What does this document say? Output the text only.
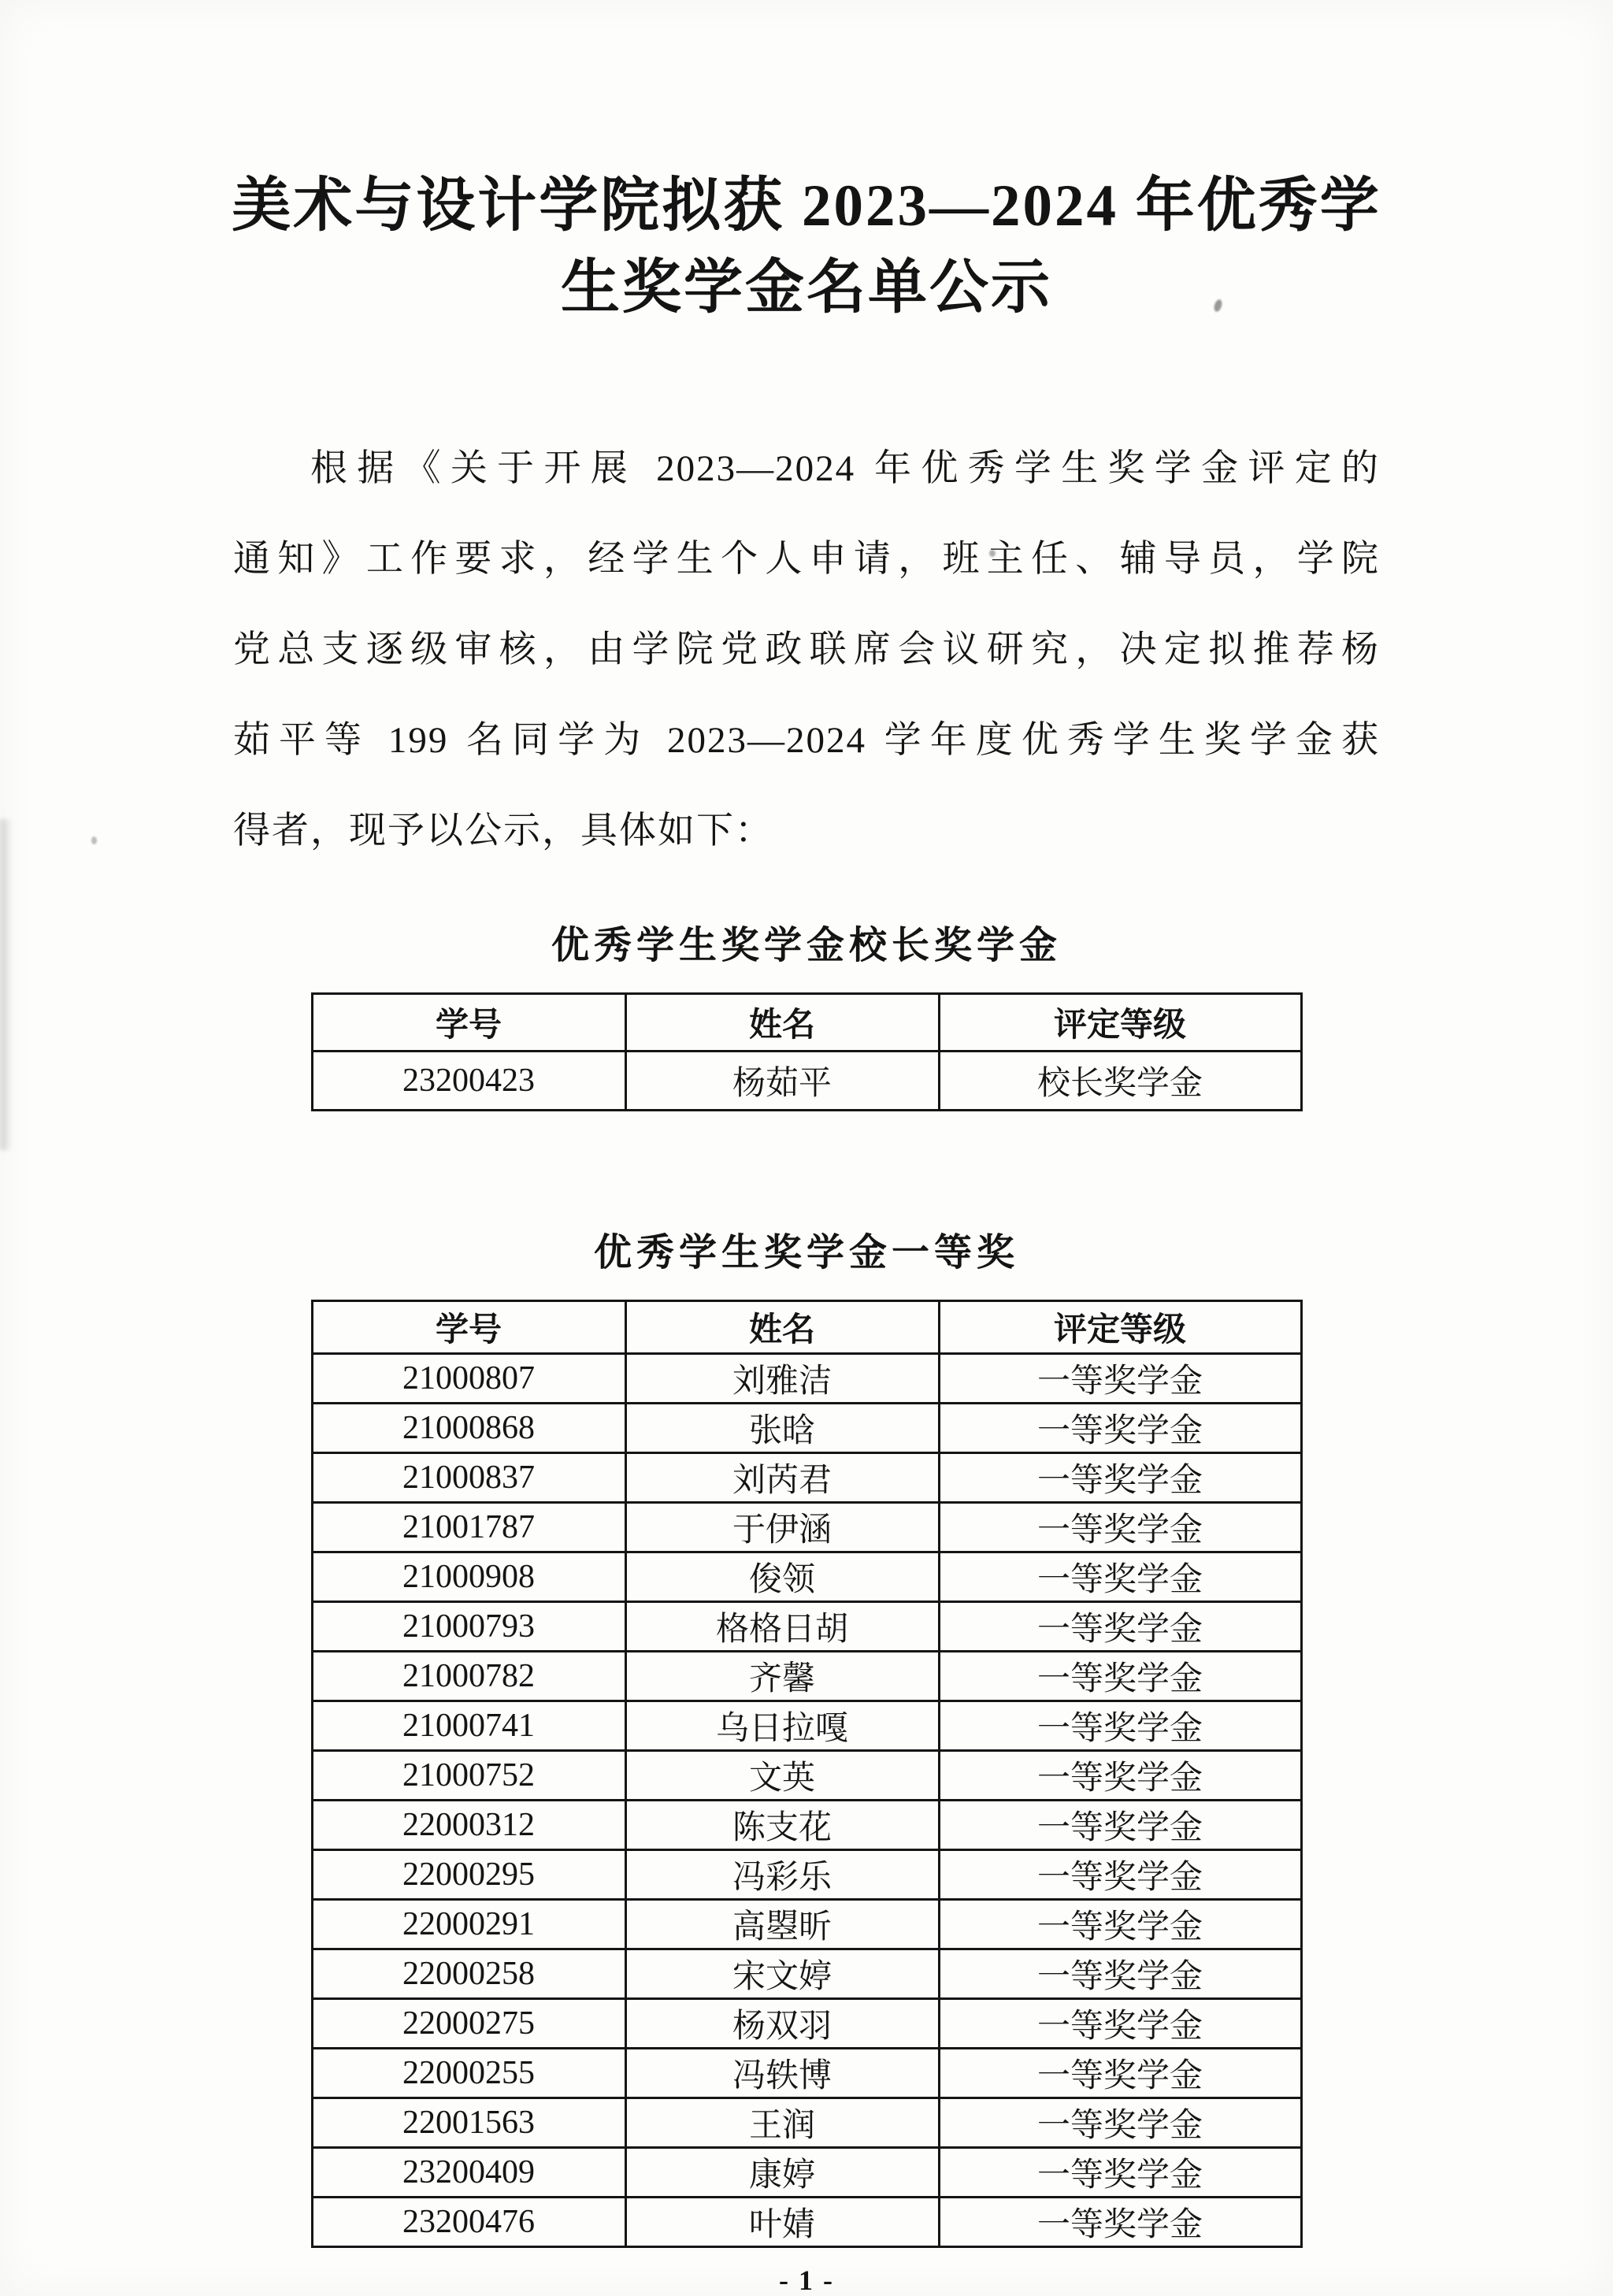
美术与设计学院拟获 2023—2024 年优秀学
生奖学金名单公示
根据《关于开展 2023—2024 年优秀学生奖学金评定的
通知》工作要求，经学生个人申请，班主任、辅导员，学院
党总支逐级审核，由学院党政联席会议研究，决定拟推荐杨
茹平等 199 名同学为 2023—2024 学年度优秀学生奖学金获
得者，现予以公示，具体如下：
优秀学生奖学金校长奖学金
学号	姓名	评定等级
23200423	杨茹平	校长奖学金
优秀学生奖学金一等奖
学号	姓名	评定等级
21000807	刘雅洁	一等奖学金
21000868	张晗	一等奖学金
21000837	刘芮君	一等奖学金
21001787	于伊涵	一等奖学金
21000908	俊领	一等奖学金
21000793	格格日胡	一等奖学金
21000782	齐馨	一等奖学金
21000741	乌日拉嘎	一等奖学金
21000752	文英	一等奖学金
22000312	陈支花	一等奖学金
22000295	冯彩乐	一等奖学金
22000291	高曌昕	一等奖学金
22000258	宋文婷	一等奖学金
22000275	杨双羽	一等奖学金
22000255	冯轶博	一等奖学金
22001563	王润	一等奖学金
23200409	康婷	一等奖学金
23200476	叶婧	一等奖学金
- 1 -
